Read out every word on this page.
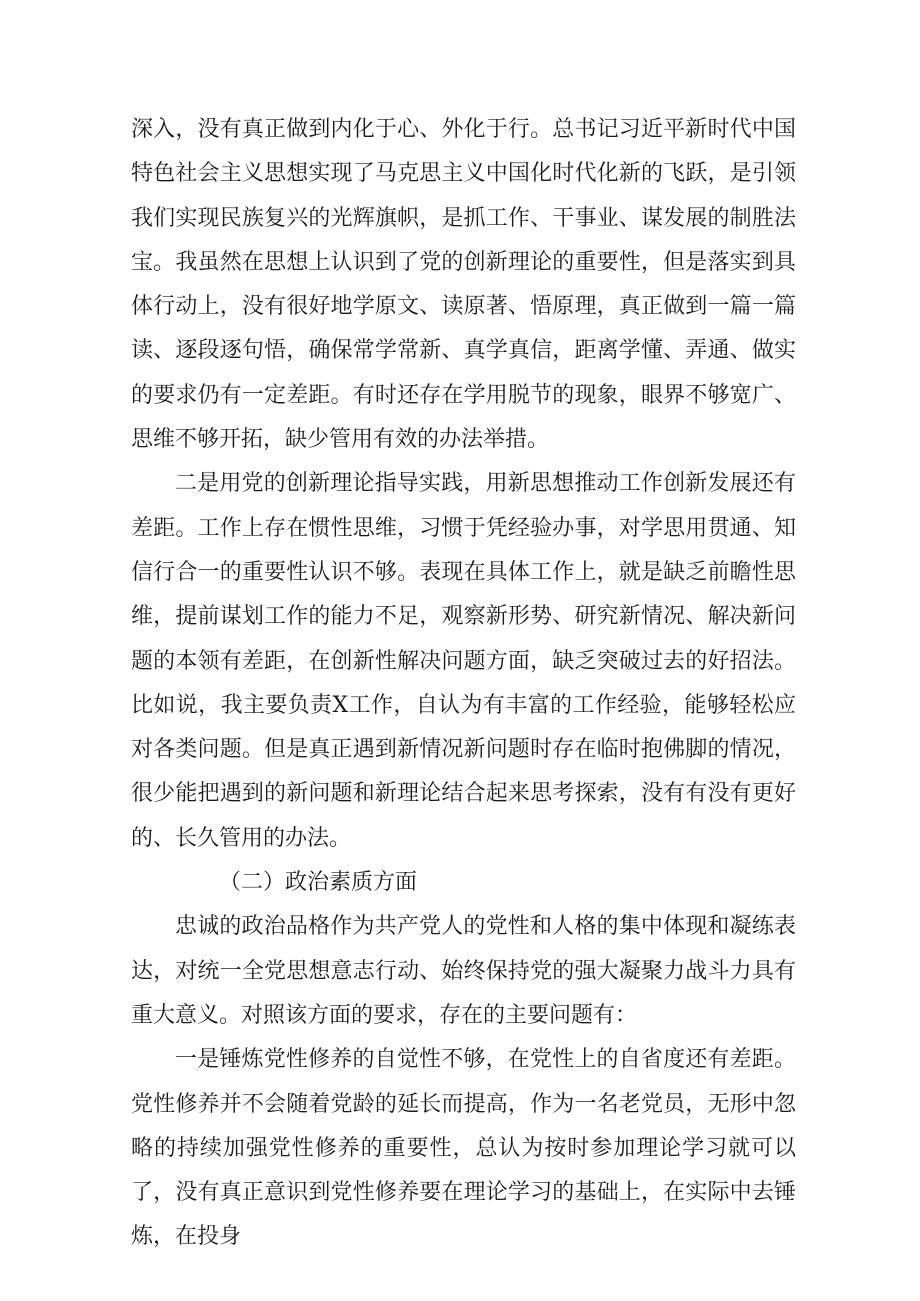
深入，没有真正做到内化于心、外化于行。总书记习近平新时代中国特色社会主义思想实现了马克思主义中国化时代化新的飞跃，是引领我们实现民族复兴的光辉旗帜，是抓工作、干事业、谋发展的制胜法宝。我虽然在思想上认识到了党的创新理论的重要性，但是落实到具体行动上，没有很好地学原文、读原著、悟原理，真正做到一篇一篇读、逐段逐句悟，确保常学常新、真学真信，距离学懂、弄通、做实的要求仍有一定差距。有时还存在学用脱节的现象，眼界不够宽广、思维不够开拓，缺少管用有效的办法举措。

二是用党的创新理论指导实践，用新思想推动工作创新发展还有差距。工作上存在惯性思维，习惯于凭经验办事，对学思用贯通、知信行合一的重要性认识不够。表现在具体工作上，就是缺乏前瞻性思维，提前谋划工作的能力不足，观察新形势、研究新情况、解决新问题的本领有差距，在创新性解决问题方面，缺乏突破过去的好招法。比如说，我主要负责X工作，自认为有丰富的工作经验，能够轻松应对各类问题。但是真正遇到新情况新问题时存在临时抱佛脚的情况，很少能把遇到的新问题和新理论结合起来思考探索，没有有没有更好的、长久管用的办法。

（二）政治素质方面

忠诚的政治品格作为共产党人的党性和人格的集中体现和凝练表达，对统一全党思想意志行动、始终保持党的强大凝聚力战斗力具有重大意义。对照该方面的要求，存在的主要问题有：

一是锤炼党性修养的自觉性不够，在党性上的自省度还有差距。党性修养并不会随着党龄的延长而提高，作为一名老党员，无形中忽略的持续加强党性修养的重要性，总认为按时参加理论学习就可以了，没有真正意识到党性修养要在理论学习的基础上，在实际中去锤炼，在投身
